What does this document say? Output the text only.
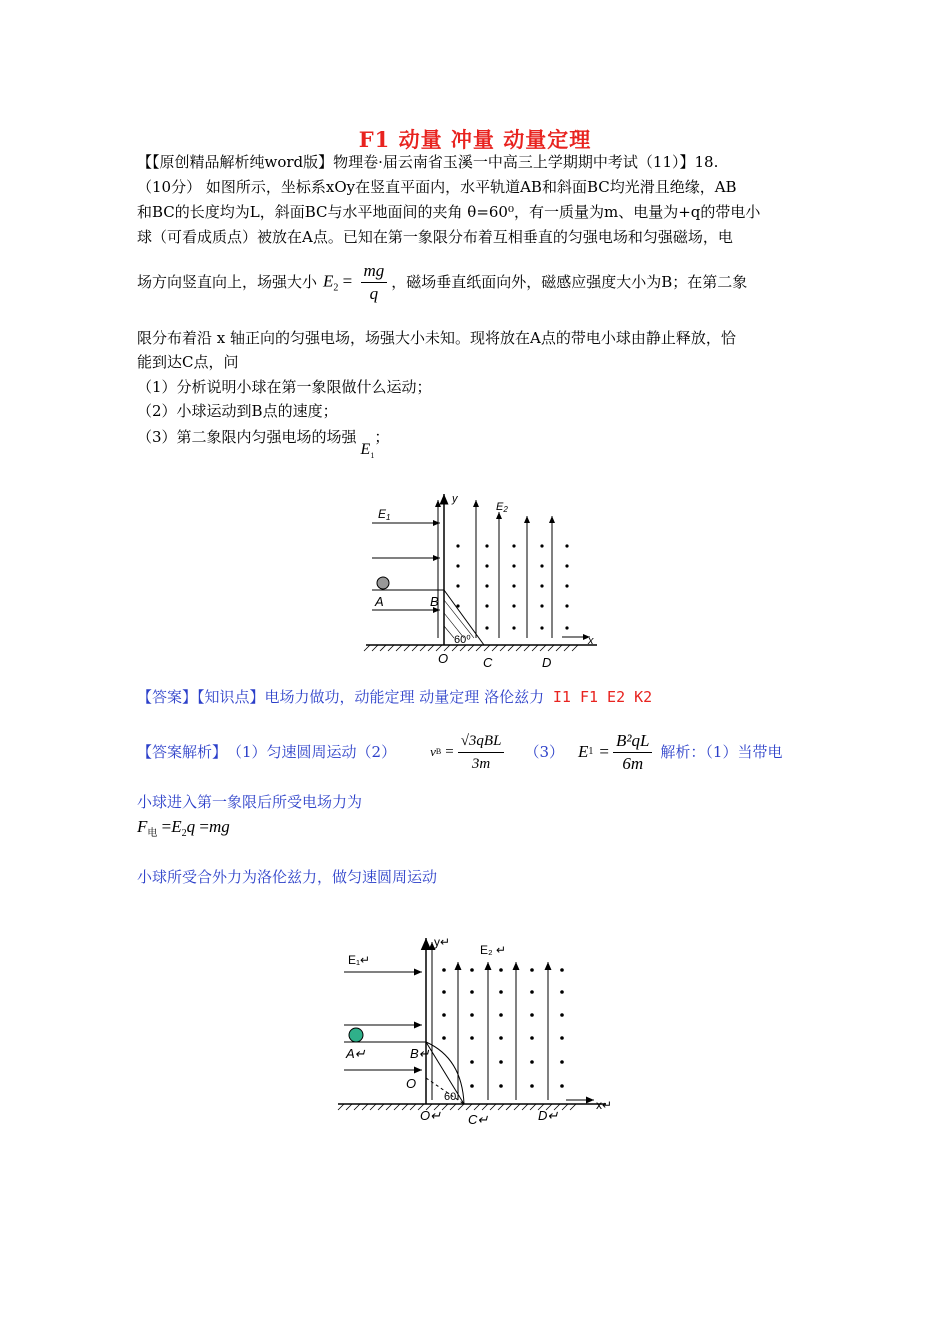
F1 动量 冲量 动量定理
【【原创精品解析纯word版】物理卷·届云南省玉溪一中高三上学期期中考试（11）】18.
（10分） 如图所示，坐标系xOy在竖直平面内，水平轨道AB和斜面BC均光滑且绝缘，AB
和BC的长度均为L，斜面BC与水平地面间的夹角 θ=60⁰，有一质量为m、电量为+q的带电小
球（可看成质点）被放在A点。已知在第一象限分布着互相垂直的匀强电场和匀强磁场，电
场方向竖直向上，场强大小 $E_2 = \frac{mg}{q}$ ，磁场垂直纸面向外，磁感应强度大小为B；在第二象
限分布着沿 x 轴正向的匀强电场，场强大小未知。现将放在A点的带电小球由静止释放，恰
能到达C点，问
（1）分析说明小球在第一象限做什么运动；
（2）小球运动到B点的速度；
（3）第二象限内匀强电场的场强$E_1$；
E1
E2
y
x
A	B
O	C	D
60⁰
【答案】【知识点】电场力做功，动能定理 动量定理 洛伦兹力 I1 F1 E2 K2
【答案解析】 （1）匀速圆周运动（2）	v $B = \frac{\text{√3qBL}}{3m} (3)$ E $1 = \frac{\text{B²qL}}{6m}$ 解析：（1）当带电
小球进入第一象限后所受电场力为
$F_电 =E_2q =mg$
小球所受合外力为洛伦兹力，做匀速圆周运动
E₁↵
E₂ ↵
y↵
x↵
A↵	B↵
O
O↵ C↵	D↵
60
